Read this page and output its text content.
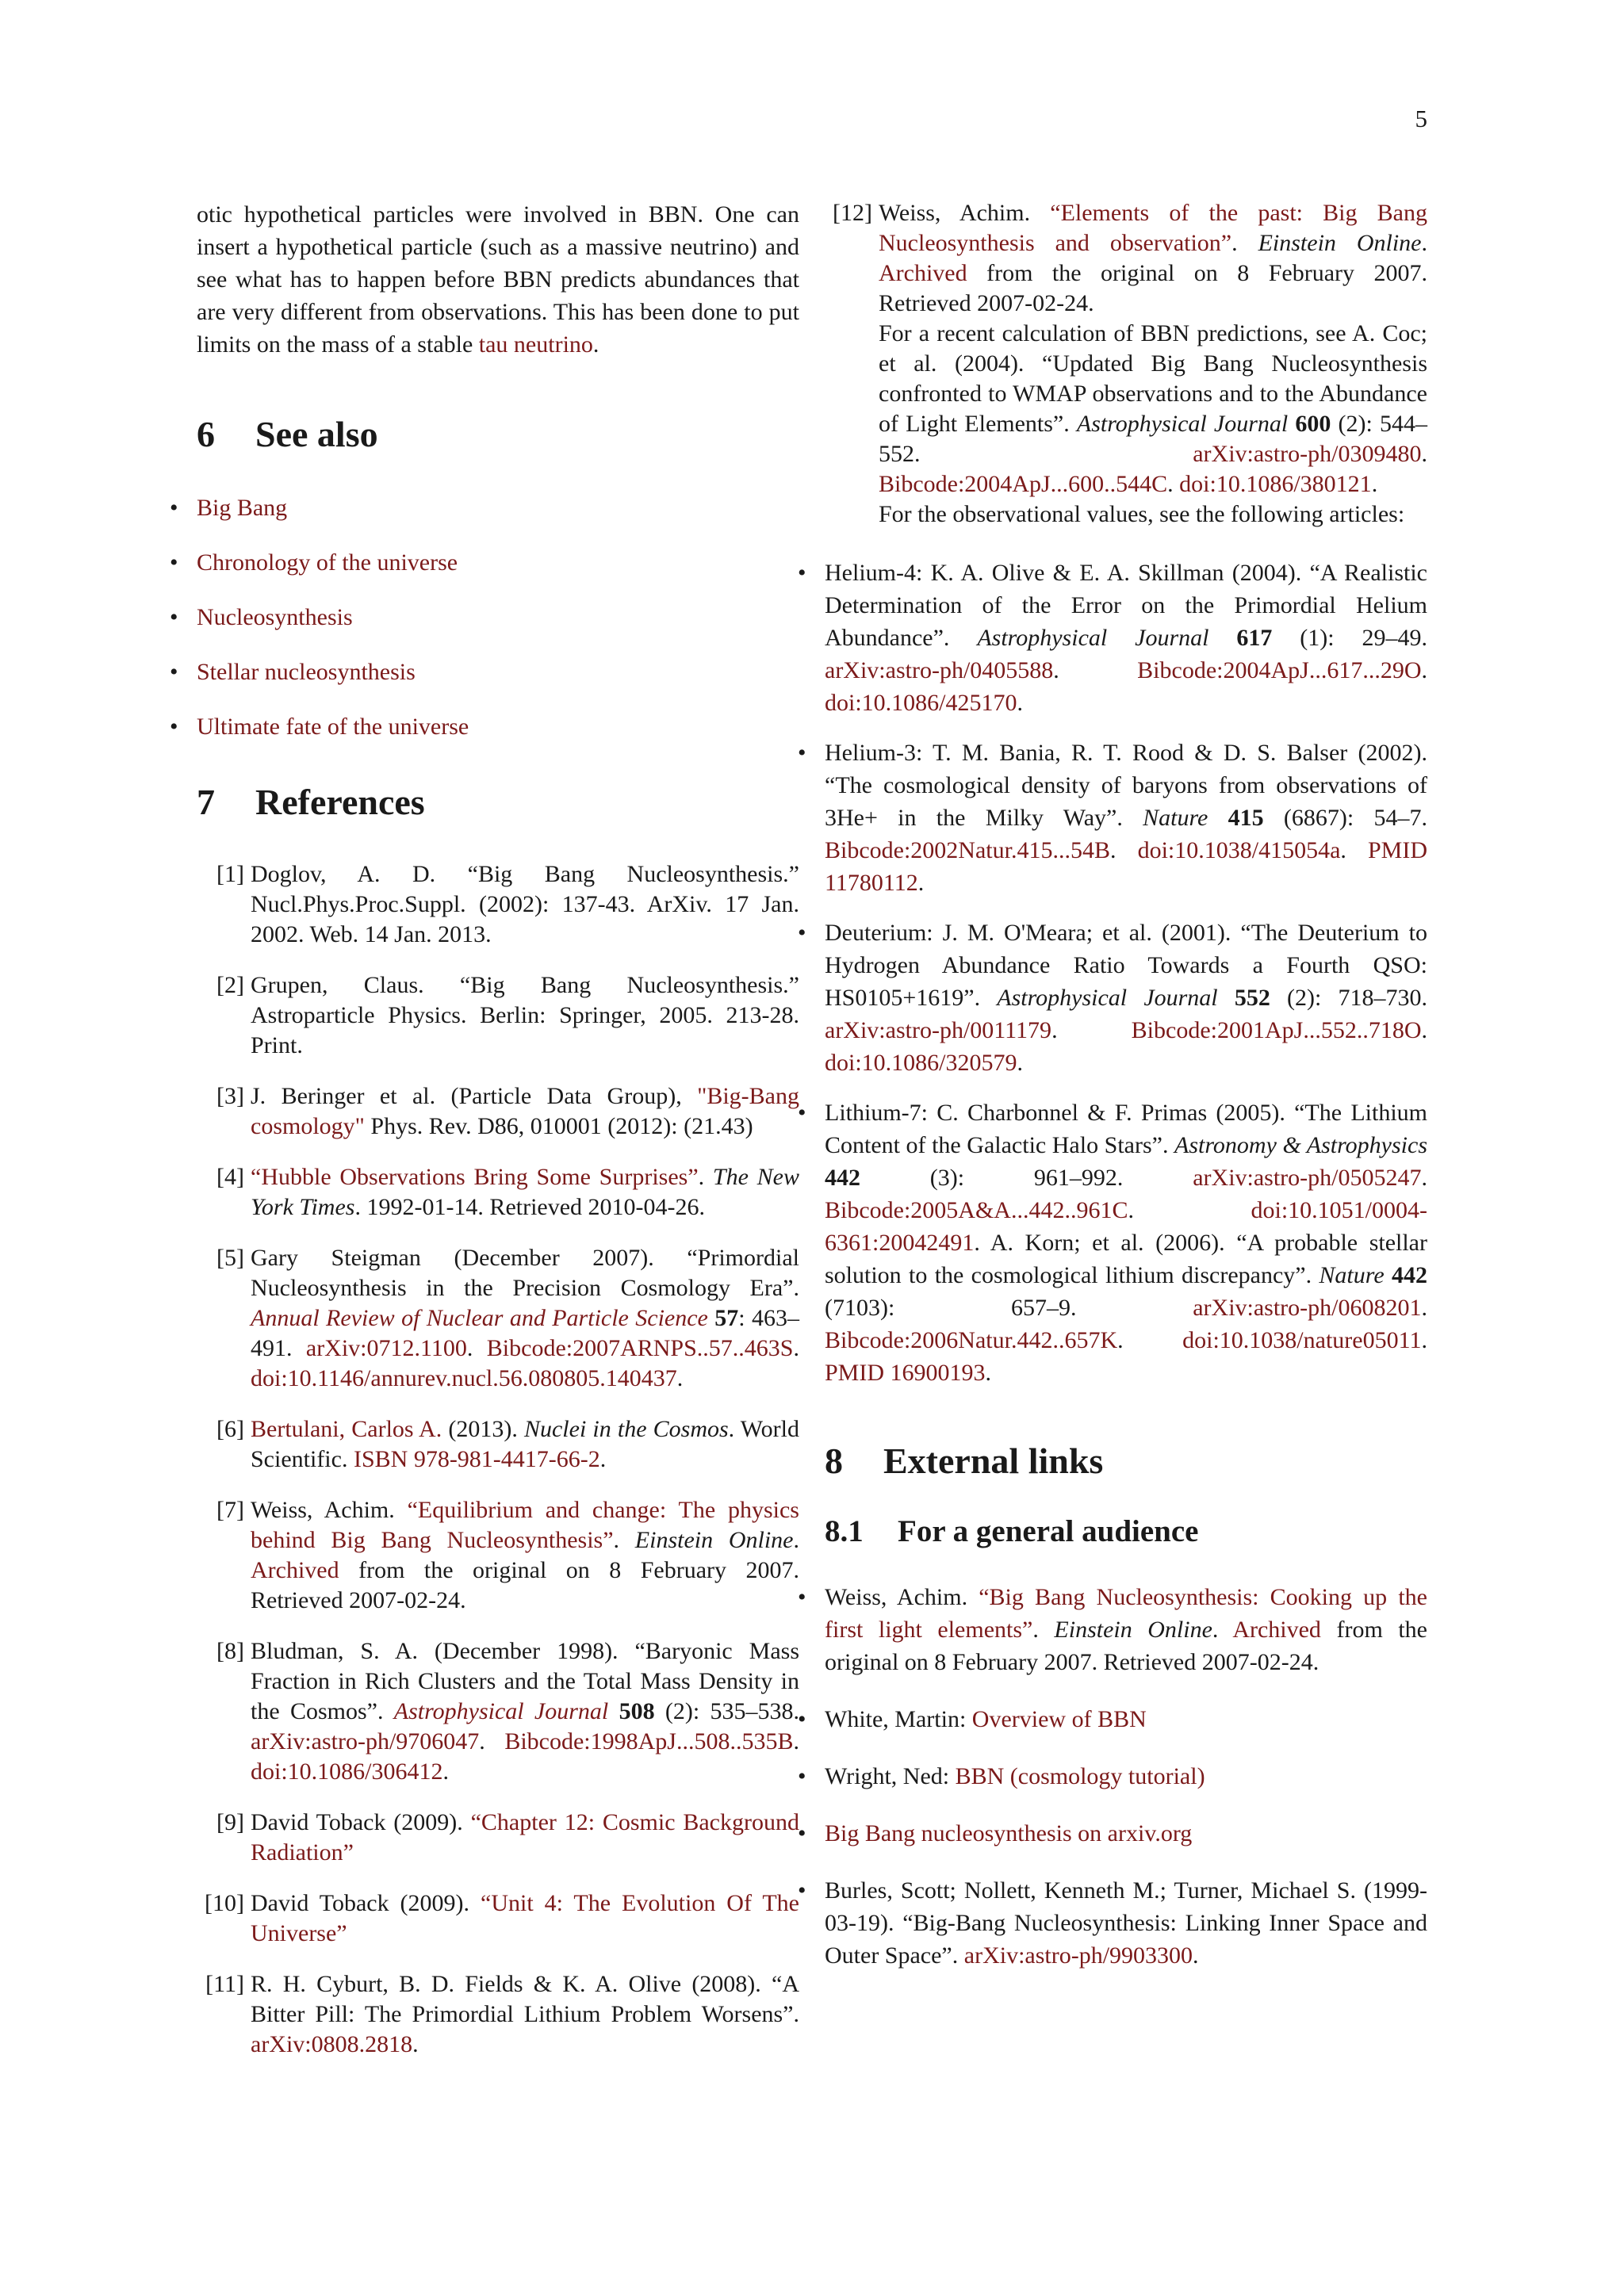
5

otic hypothetical particles were involved in BBN. One can insert a hypothetical particle (such as a massive neutrino) and see what has to happen before BBN predicts abundances that are very different from observations. This has been done to put limits on the mass of a stable tau neutrino.

6	See also
• Big Bang
• Chronology of the universe
• Nucleosynthesis
• Stellar nucleosynthesis
• Ultimate fate of the universe
7	References
[1] Doglov, A. D. “Big Bang Nucleosynthesis.” Nucl.Phys.Proc.Suppl. (2002): 137-43. ArXiv. 17 Jan. 2002. Web. 14 Jan. 2013.
[2] Grupen, Claus. “Big Bang Nucleosynthesis.” Astroparticle Physics. Berlin: Springer, 2005. 213-28. Print.
[3] J. Beringer et al. (Particle Data Group), "Big-Bang cosmology" Phys. Rev. D86, 010001 (2012): (21.43)
[4] “Hubble Observations Bring Some Surprises”. The New York Times. 1992-01-14. Retrieved 2010-04-26.
[5] Gary Steigman (December 2007). “Primordial Nucleosynthesis in the Precision Cosmology Era”. Annual Review of Nuclear and Particle Science 57: 463–491. arXiv:0712.1100. Bibcode:2007ARNPS..57..463S. doi:10.1146/annurev.nucl.56.080805.140437.
[6] Bertulani, Carlos A. (2013). Nuclei in the Cosmos. World Scientific. ISBN 978-981-4417-66-2.
[7] Weiss, Achim. “Equilibrium and change: The physics behind Big Bang Nucleosynthesis”. Einstein Online. Archived from the original on 8 February 2007. Retrieved 2007-02-24.
[8] Bludman, S. A. (December 1998). “Baryonic Mass Fraction in Rich Clusters and the Total Mass Density in the Cosmos”. Astrophysical Journal 508 (2): 535–538. arXiv:astro-ph/9706047. Bibcode:1998ApJ...508..535B. doi:10.1086/306412.
[9] David Toback (2009). “Chapter 12: Cosmic Background Radiation”
[10] David Toback (2009). “Unit 4: The Evolution Of The Universe”
[11] R. H. Cyburt, B. D. Fields & K. A. Olive (2008). “A Bitter Pill: The Primordial Lithium Problem Worsens”. arXiv:0808.2818.
[12] Weiss, Achim. “Elements of the past: Big Bang Nucleosynthesis and observation”. Einstein Online. Archived from the original on 8 February 2007. Retrieved 2007-02-24.
For a recent calculation of BBN predictions, see A. Coc; et al. (2004). “Updated Big Bang Nucleosynthesis confronted to WMAP observations and to the Abundance of Light Elements”. Astrophysical Journal 600 (2): 544–552. arXiv:astro-ph/0309480. Bibcode:2004ApJ...600..544C. doi:10.1086/380121.
For the observational values, see the following articles:
• Helium-4: K. A. Olive & E. A. Skillman (2004). “A Realistic Determination of the Error on the Primordial Helium Abundance”. Astrophysical Journal 617 (1): 29–49. arXiv:astro-ph/0405588. Bibcode:2004ApJ...617...29O. doi:10.1086/425170.
• Helium-3: T. M. Bania, R. T. Rood & D. S. Balser (2002). “The cosmological density of baryons from observations of 3He+ in the Milky Way”. Nature 415 (6867): 54–7. Bibcode:2002Natur.415...54B. doi:10.1038/415054a. PMID 11780112.
• Deuterium: J. M. O'Meara; et al. (2001). “The Deuterium to Hydrogen Abundance Ratio Towards a Fourth QSO: HS0105+1619”. Astrophysical Journal 552 (2): 718–730. arXiv:astro-ph/0011179. Bibcode:2001ApJ...552..718O. doi:10.1086/320579.
• Lithium-7: C. Charbonnel & F. Primas (2005). “The Lithium Content of the Galactic Halo Stars”. Astronomy & Astrophysics 442 (3): 961–992. arXiv:astro-ph/0505247. Bibcode:2005A&A...442..961C. doi:10.1051/0004-6361:20042491. A. Korn; et al. (2006). “A probable stellar solution to the cosmological lithium discrepancy”. Nature 442 (7103): 657–9. arXiv:astro-ph/0608201. Bibcode:2006Natur.442..657K. doi:10.1038/nature05011. PMID 16900193.
8	External links
8.1	For a general audience
• Weiss, Achim. “Big Bang Nucleosynthesis: Cooking up the first light elements”. Einstein Online. Archived from the original on 8 February 2007. Retrieved 2007-02-24.
• White, Martin: Overview of BBN
• Wright, Ned: BBN (cosmology tutorial)
• Big Bang nucleosynthesis on arxiv.org
• Burles, Scott; Nollett, Kenneth M.; Turner, Michael S. (1999-03-19). “Big-Bang Nucleosynthesis: Linking Inner Space and Outer Space”. arXiv:astro-ph/9903300.
